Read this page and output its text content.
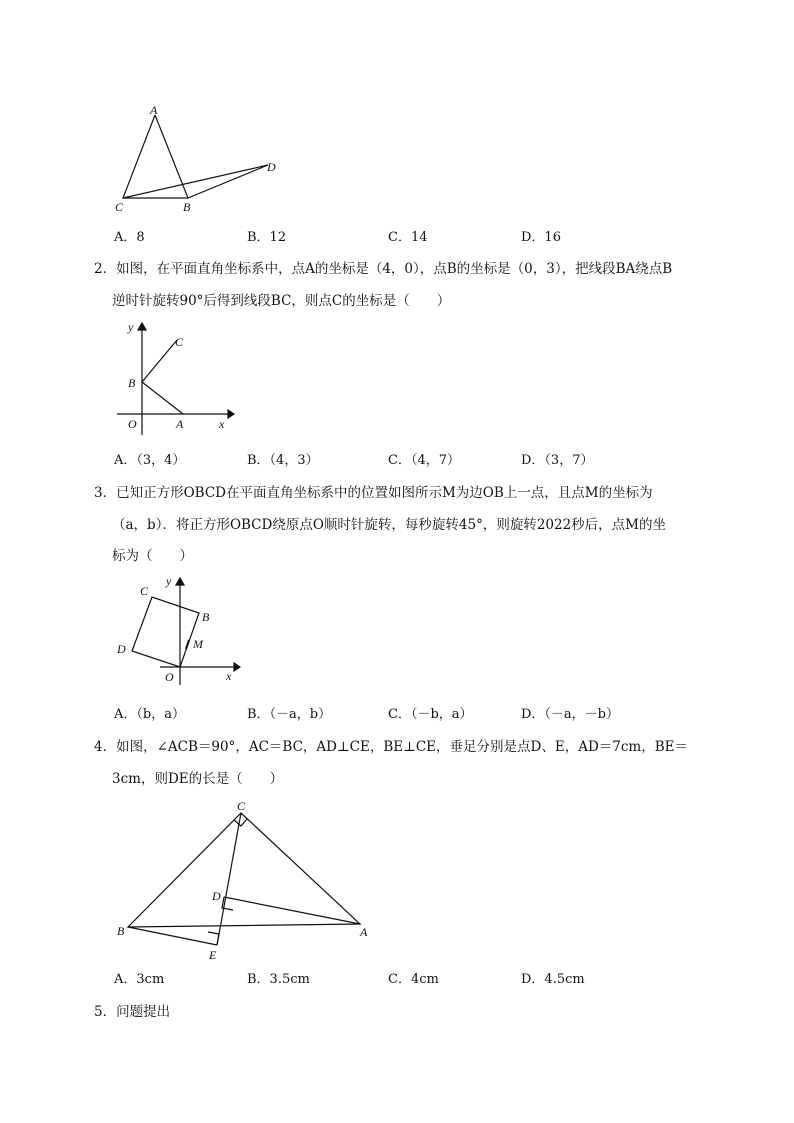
A
C	B
D
A．8	B．12	C．14	D．16
2．如图，在平面直角坐标系中，点A的坐标是（4，0），点B的坐标是（0，3），把线段BA绕点B
逆时针旋转90°后得到线段BC，则点C的坐标是（　　）
y
x
O	A
B
C
A．（3，4）	B．（4，3）	C．（4，7）	D．（3，7）
3．已知正方形OBCD在平面直角坐标系中的位置如图所示M为边OB上一点，且点M的坐标为
（a，b）．将正方形OBCD绕原点O顺时针旋转，每秒旋转45°，则旋转2022秒后，点M的坐
标为（　　）
y
x
O
B
C
D	M
A．（b，a）	B．（－a，b）	C．（－b，a）	D．（－a，－b）
4．如图，∠ACB＝90°，AC＝BC，AD⊥CE，BE⊥CE，垂足分别是点D、E，AD＝7cm，BE＝
3cm，则DE的长是（　　）
C
D
B	A
E
A．3cm	B．3.5cm	C．4cm	D．4.5cm
5．问题提出
